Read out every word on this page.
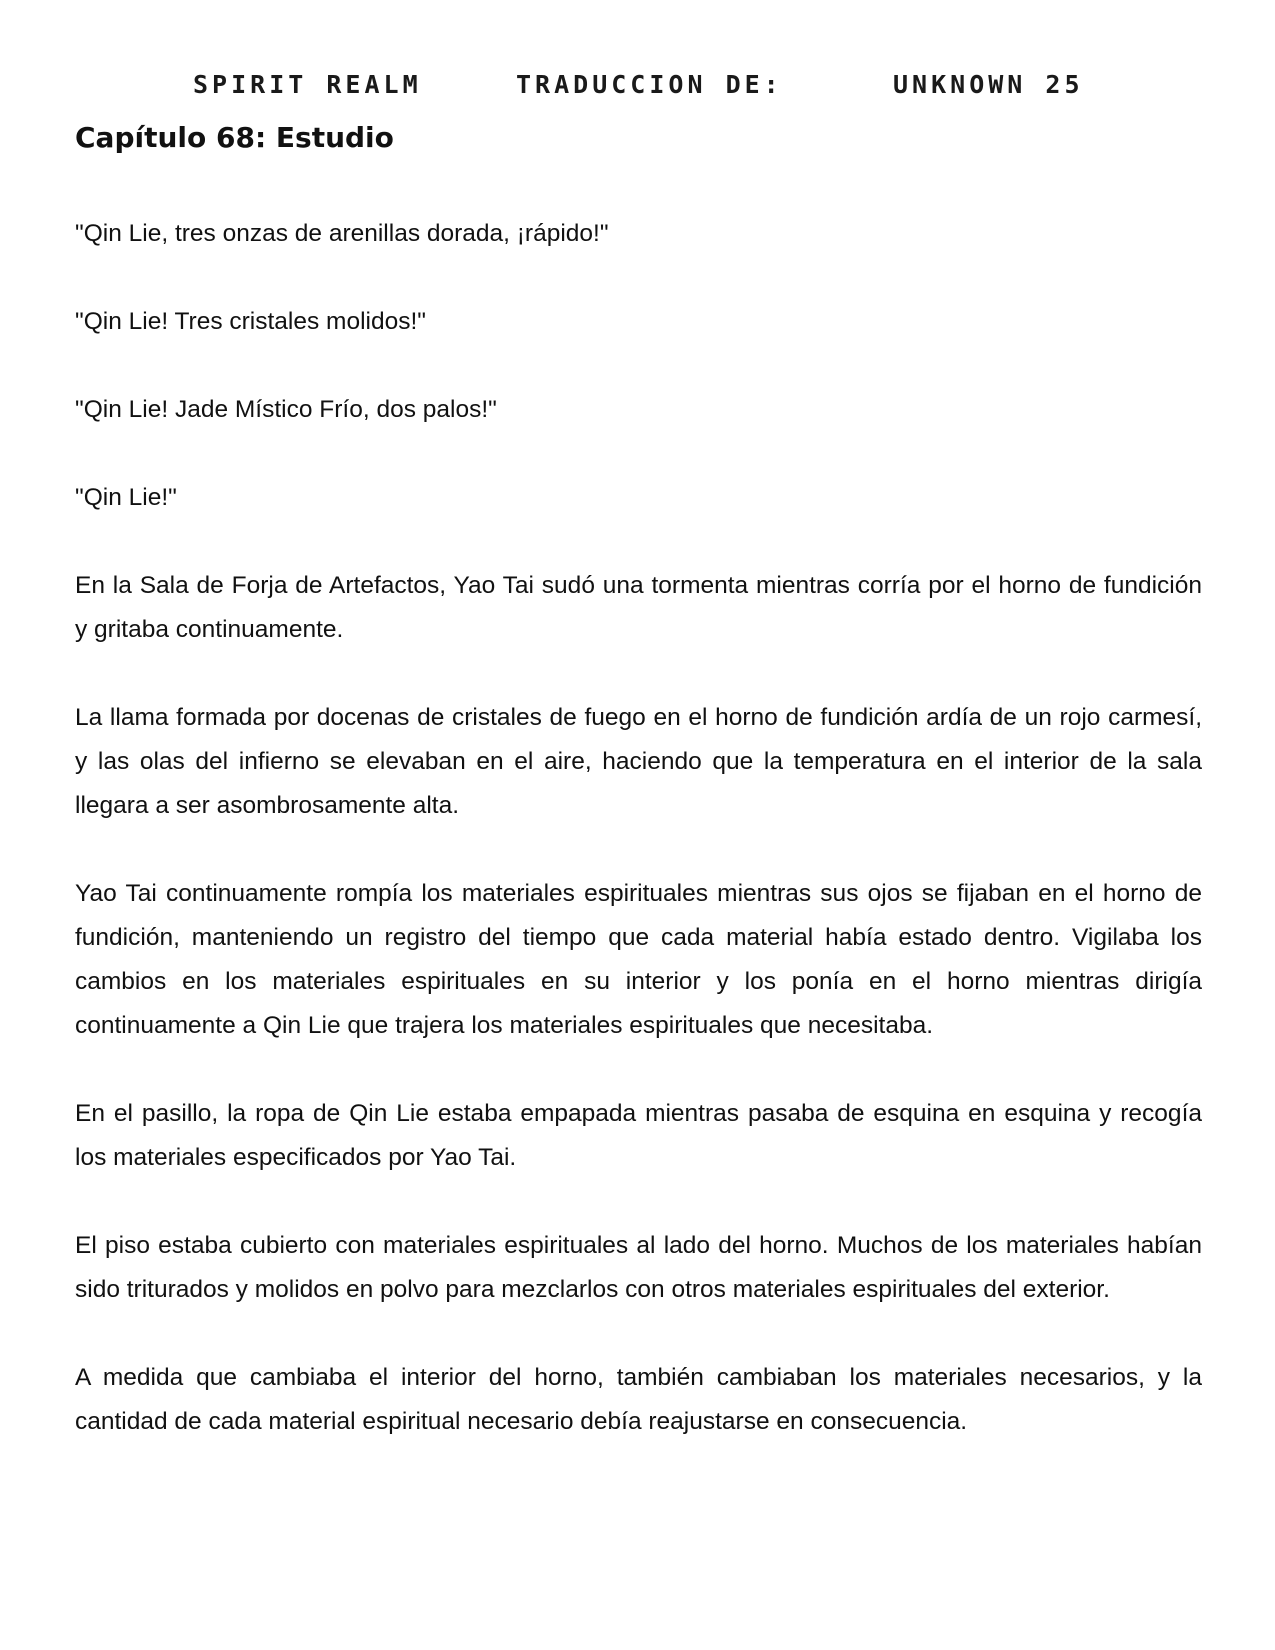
SPIRIT REALM	TRADUCCION DE:	UNKNOWN 25
Capítulo 68: Estudio

"Qin Lie, tres onzas de arenillas dorada, ¡rápido!"

"Qin Lie! Tres cristales molidos!"

"Qin Lie! Jade Místico Frío, dos palos!"

"Qin Lie!"

En la Sala de Forja de Artefactos, Yao Tai sudó una tormenta mientras corría por el horno de fundición y gritaba continuamente.

La llama formada por docenas de cristales de fuego en el horno de fundición ardía de un rojo carmesí, y las olas del infierno se elevaban en el aire, haciendo que la temperatura en el interior de la sala llegara a ser asombrosamente alta.

Yao Tai continuamente rompía los materiales espirituales mientras sus ojos se fijaban en el horno de fundición, manteniendo un registro del tiempo que cada material había estado dentro. Vigilaba los cambios en los materiales espirituales en su interior y los ponía en el horno mientras dirigía continuamente a Qin Lie que trajera los materiales espirituales que necesitaba.

En el pasillo, la ropa de Qin Lie estaba empapada mientras pasaba de esquina en esquina y recogía los materiales especificados por Yao Tai.

El piso estaba cubierto con materiales espirituales al lado del horno. Muchos de los materiales habían sido triturados y molidos en polvo para mezclarlos con otros materiales espirituales del exterior.

A medida que cambiaba el interior del horno, también cambiaban los materiales necesarios, y la cantidad de cada material espiritual necesario debía reajustarse en consecuencia.
